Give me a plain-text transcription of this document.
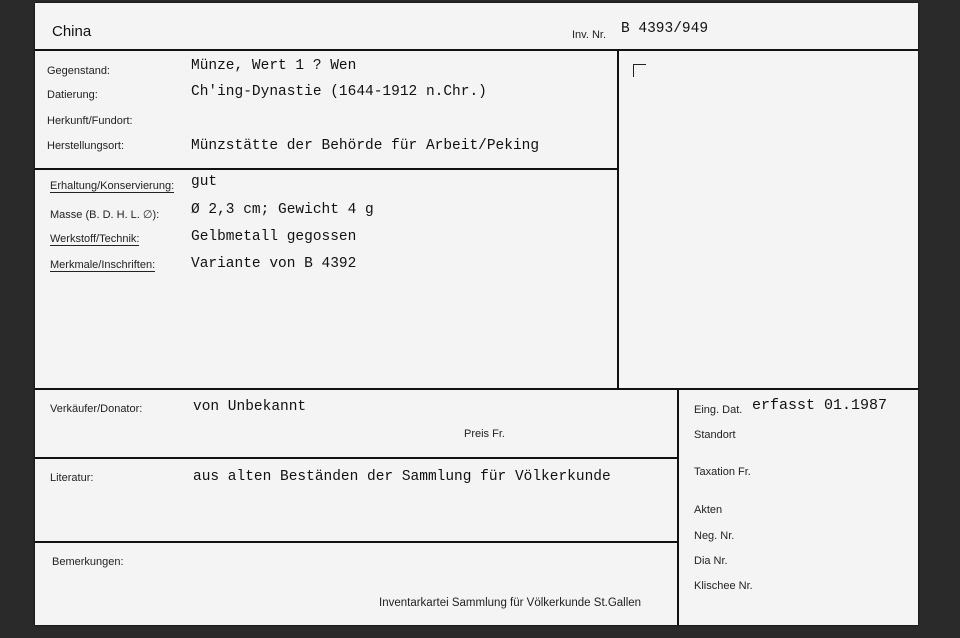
China	Inv. Nr. B 4393/949
Gegenstand:	Münze, Wert 1 ? Wen
Datierung:	Ch'ing-Dynastie (1644-1912 n.Chr.)
Herkunft/Fundort:
Herstellungsort:	Münzstätte der Behörde für Arbeit/Peking
Erhaltung/Konservierung: gut
Masse (B. D. H. L. ∅): Ø 2,3 cm; Gewicht 4 g
Werkstoff/Technik:	Gelbmetall gegossen
Merkmale/Inschriften: Variante von B 4392
Verkäufer/Donator:	von Unbekannt
Preis Fr.
Literatur:	aus alten Beständen der Sammlung für Völkerkunde
Bemerkungen:
Inventarkartei Sammlung für Völkerkunde St.Gallen
Eing. Dat. erfasst 01.1987
Standort
Taxation Fr.
Akten
Neg. Nr.
Dia Nr.
Klischee Nr.
